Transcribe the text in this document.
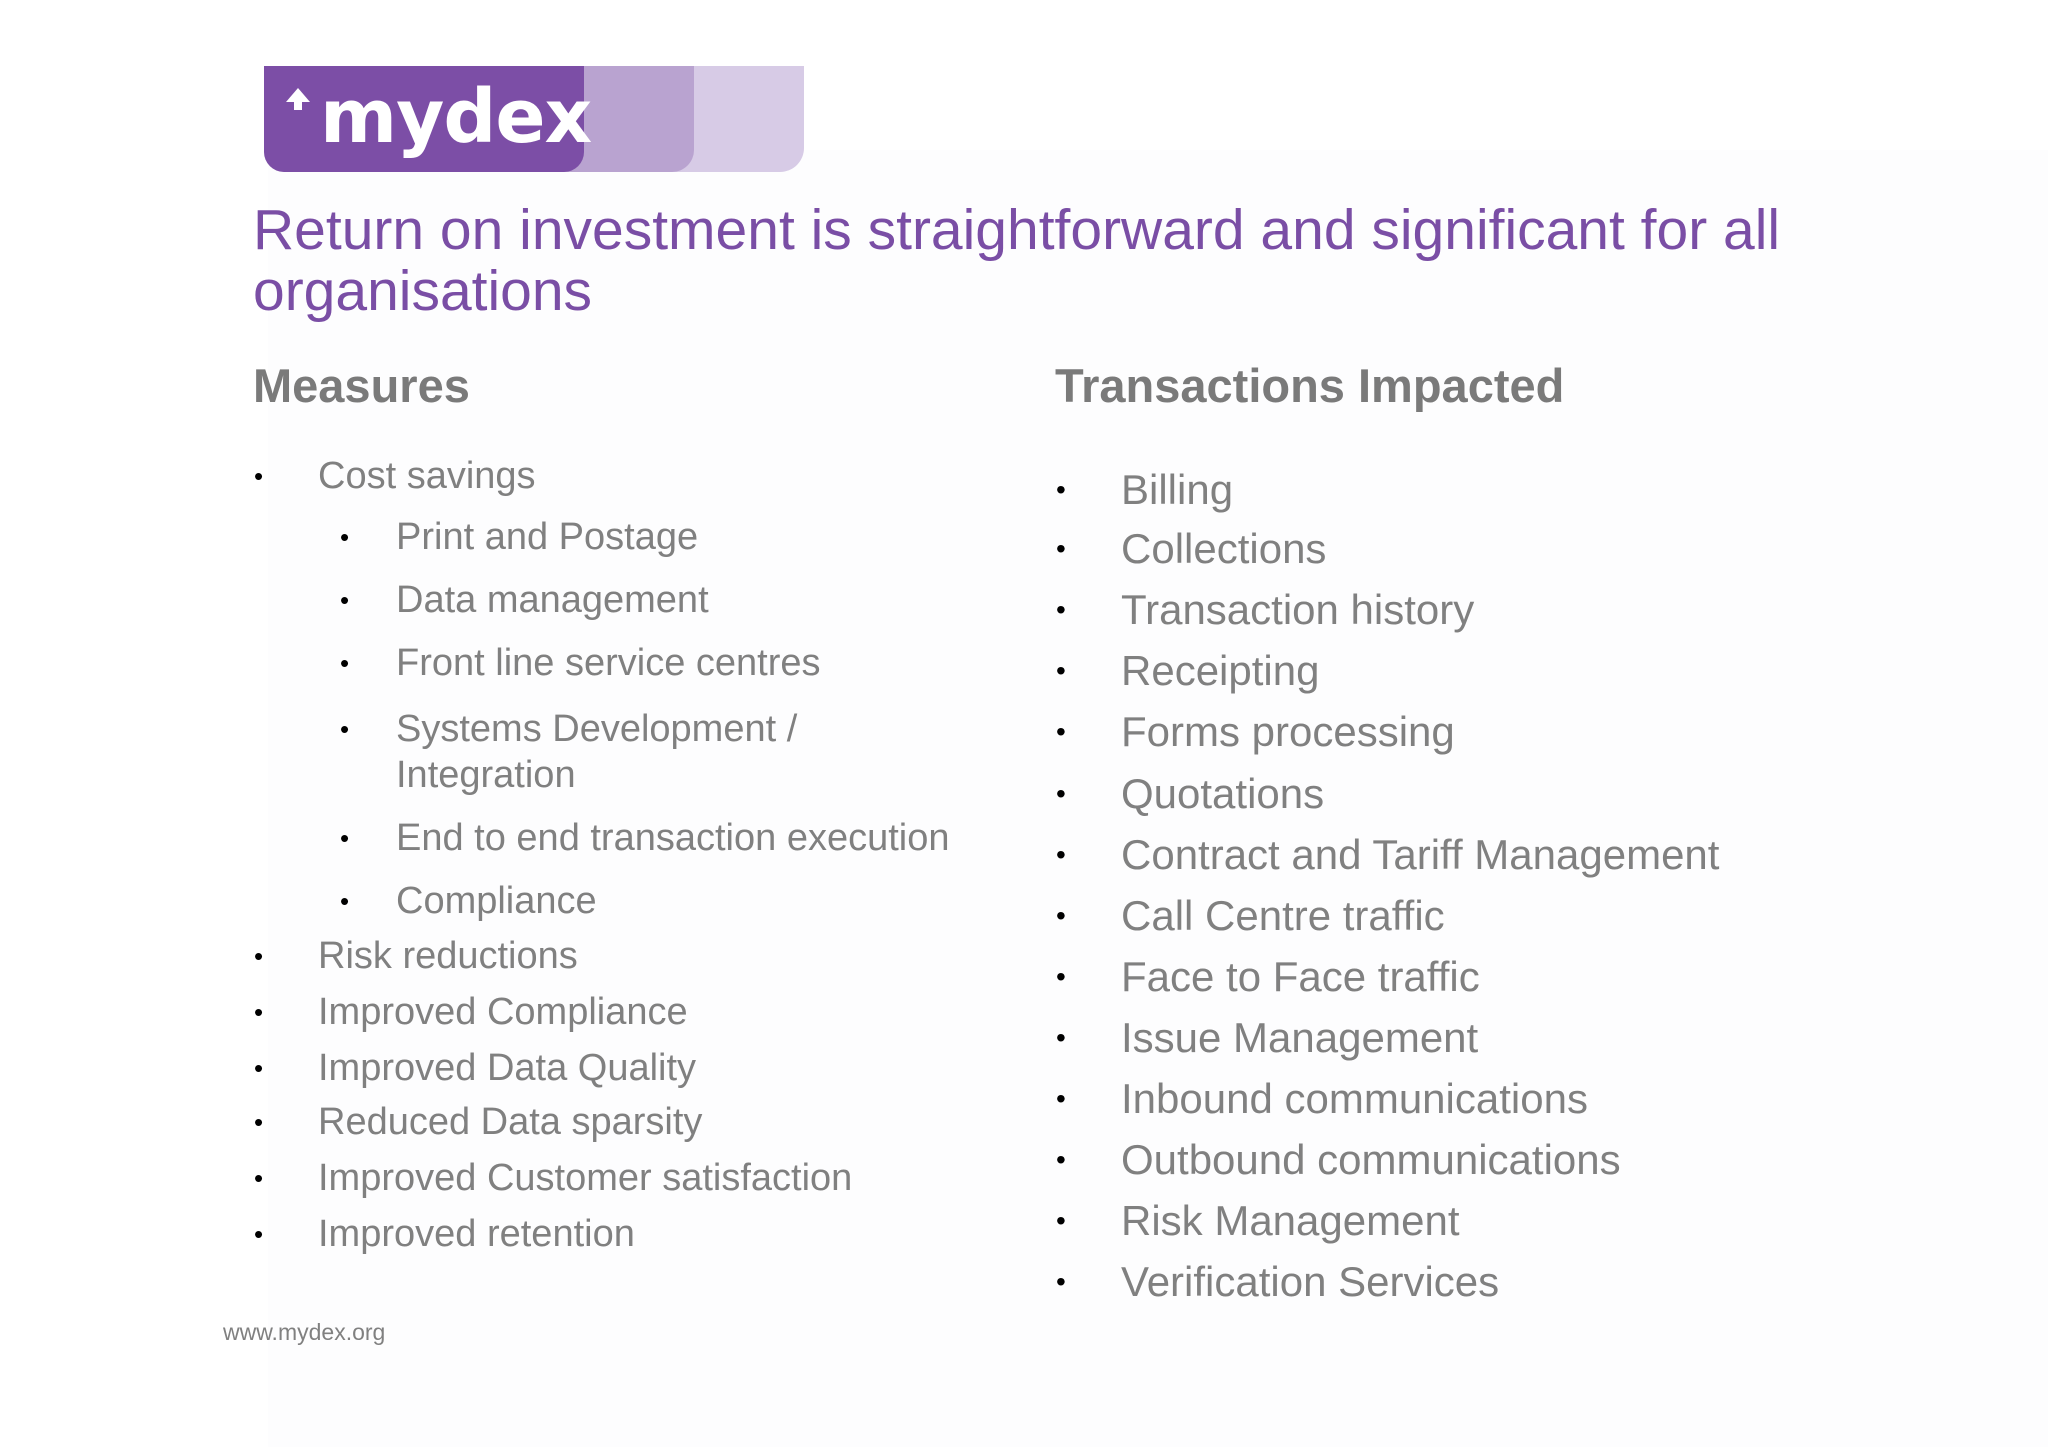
mydex
Return on investment is straightforward and significant for all organisations
Measures	Transactions Impacted
• Cost savings
• Print and Postage
• Data management
• Front line service centres
• Systems Development /
Integration
• End to end transaction execution
• Compliance
• Risk reductions
• Improved Compliance
• Improved Data Quality
• Reduced Data sparsity
• Improved Customer satisfaction
• Improved retention
• Billing
• Collections
• Transaction history
• Receipting
• Forms processing
• Quotations
• Contract and Tariff Management
• Call Centre traffic
• Face to Face traffic
• Issue Management
• Inbound communications
• Outbound communications
• Risk Management
• Verification Services
www.mydex.org
